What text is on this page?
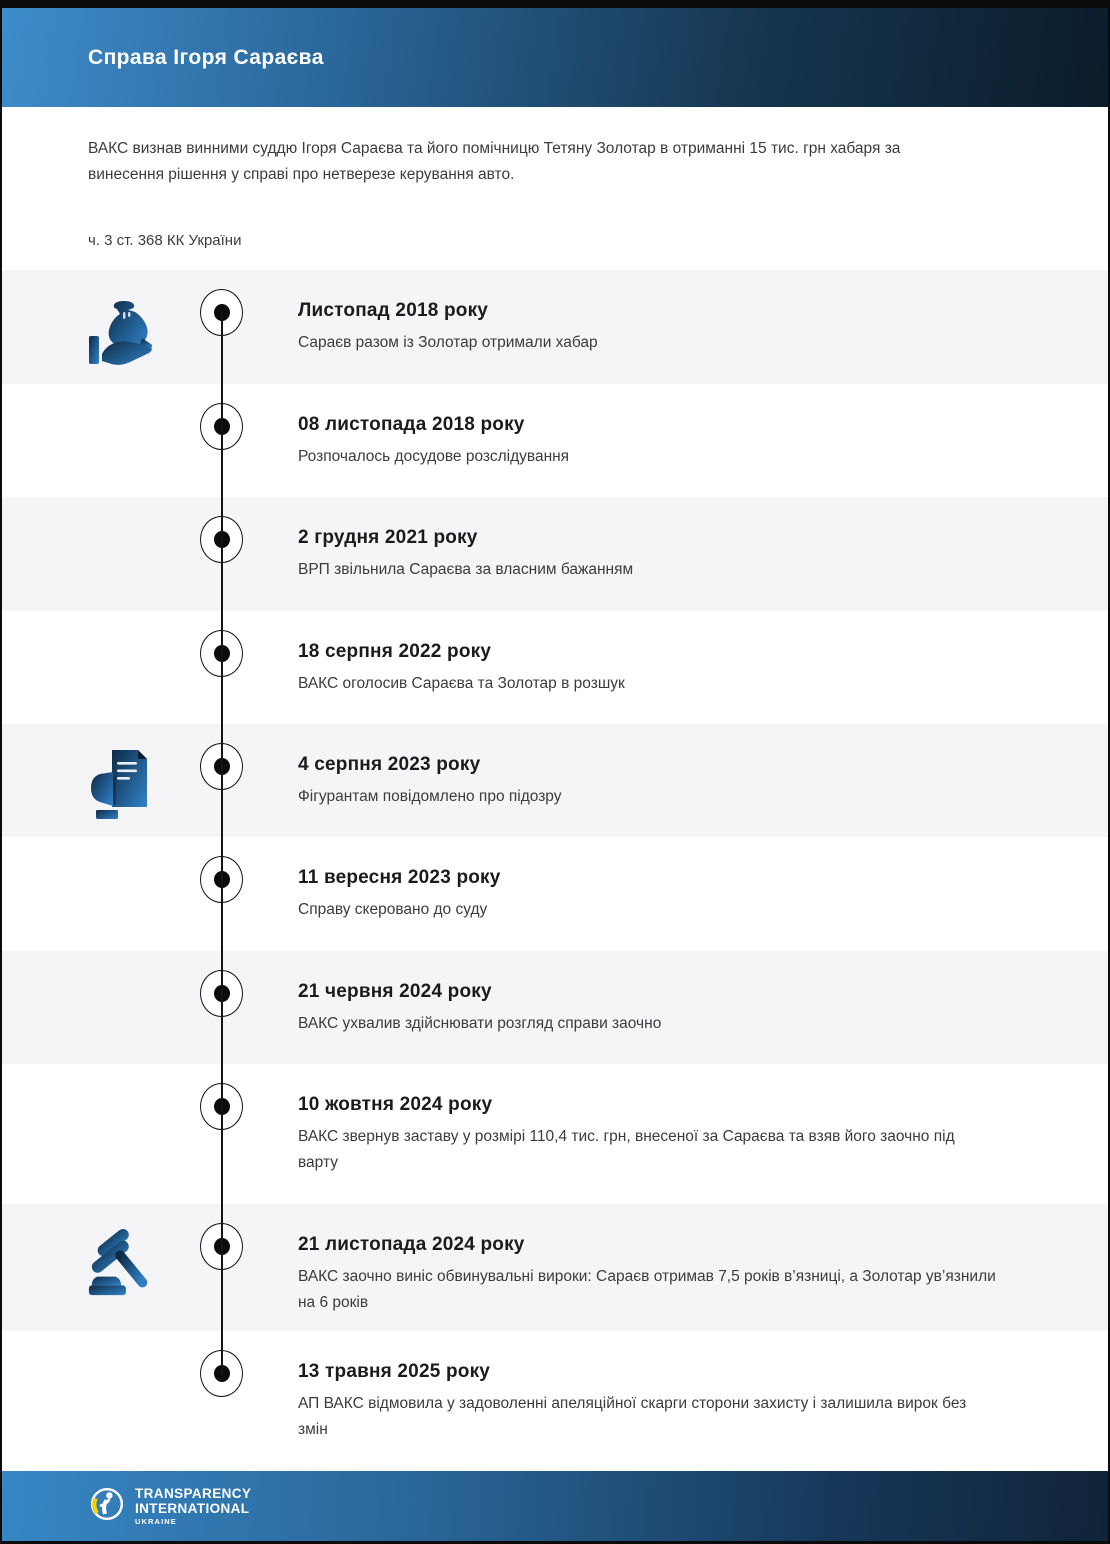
Справа Ігоря Сараєва

ВАКС визнав винними суддю Ігоря Сараєва та його помічницю Тетяну Золотар в отриманні 15 тис. грн хабаря за винесення рішення у справі про нетверезе керування авто.

ч. 3 ст. 368 КК України

Листопад 2018 року

Сараєв разом із Золотар отримали хабар

08 листопада 2018 року

Розпочалось досудове розслідування

2 грудня 2021 року

ВРП звільнила Сараєва за власним бажанням

18 серпня 2022 року

ВАКС оголосив Сараєва та Золотар в розшук

4 серпня 2023 року

Фігурантам повідомлено про підозру

11 вересня 2023 року

Справу скеровано до суду

21 червня 2024 року

ВАКС ухвалив здійснювати розгляд справи заочно

10 жовтня 2024 року

ВАКС звернув заставу у розмірі 110,4 тис. грн, внесеної за Сараєва та взяв його заочно під варту

21 листопада 2024 року

ВАКС заочно виніс обвинувальні вироки: Сараєв отримав 7,5 років в’язниці, а Золотар ув’язнили на 6 років

13 травня 2025 року

АП ВАКС відмовила у задоволенні апеляційної скарги сторони захисту і залишила вирок без змін

TRANSPARENCY
INTERNATIONAL
UKRAINE
